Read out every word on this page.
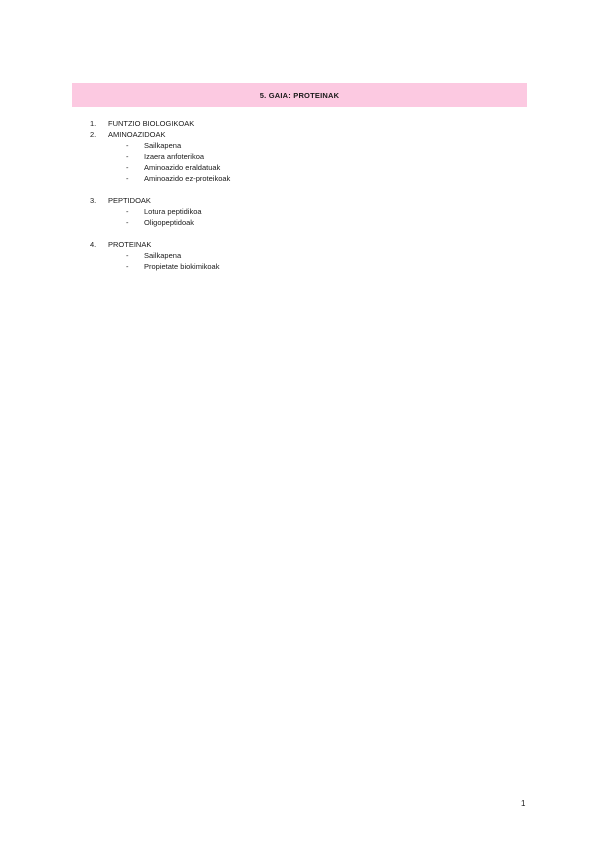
5. GAIA: PROTEINAK
1.	FUNTZIO BIOLOGIKOAK
2.	AMINOAZIDOAK
-	Sailkapena
-	Izaera anfoterikoa
-	Aminoazido eraldatuak
-	Aminoazido ez-proteikoak
3.	PEPTIDOAK
-	Lotura peptidikoa
-	Oligopeptidoak
4.	PROTEINAK
-	Sailkapena
-	Propietate biokimikoak
1
